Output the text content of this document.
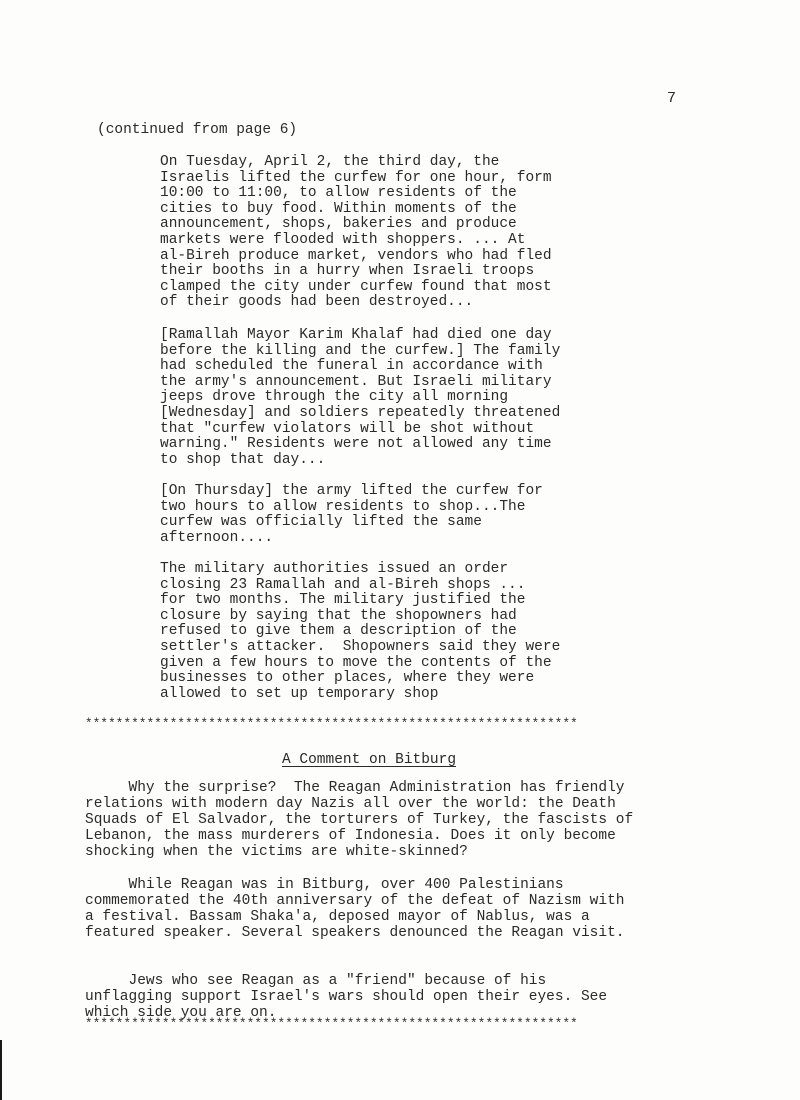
7
(continued from page 6)
On Tuesday, April 2, the third day, the
Israelis lifted the curfew for one hour, form
10:00 to 11:00, to allow residents of the
cities to buy food. Within moments of the
announcement, shops, bakeries and produce
markets were flooded with shoppers. ... At
al-Bireh produce market, vendors who had fled
their booths in a hurry when Israeli troops
clamped the city under curfew found that most
of their goods had been destroyed...
[Ramallah Mayor Karim Khalaf had died one day
before the killing and the curfew.] The family
had scheduled the funeral in accordance with
the army's announcement. But Israeli military
jeeps drove through the city all morning
[Wednesday] and soldiers repeatedly threatened
that "curfew violators will be shot without
warning." Residents were not allowed any time
to shop that day...
[On Thursday] the army lifted the curfew for
two hours to allow residents to shop...The
curfew was officially lifted the same
afternoon....
The military authorities issued an order
closing 23 Ramallah and al-Bireh shops ...
for two months. The military justified the
closure by saying that the shopowners had
refused to give them a description of the
settler's attacker.  Shopowners said they were
given a few hours to move the contents of the
businesses to other places, where they were
allowed to set up temporary shop
****************************************************************
A Comment on Bitburg
Why the surprise?  The Reagan Administration has friendly
relations with modern day Nazis all over the world: the Death
Squads of El Salvador, the torturers of Turkey, the fascists of
Lebanon, the mass murderers of Indonesia. Does it only become
shocking when the victims are white-skinned?
While Reagan was in Bitburg, over 400 Palestinians
commemorated the 40th anniversary of the defeat of Nazism with
a festival. Bassam Shaka'a, deposed mayor of Nablus, was a
featured speaker. Several speakers denounced the Reagan visit.
Jews who see Reagan as a "friend" because of his
unflagging support Israel's wars should open their eyes. See
which side you are on.
****************************************************************
